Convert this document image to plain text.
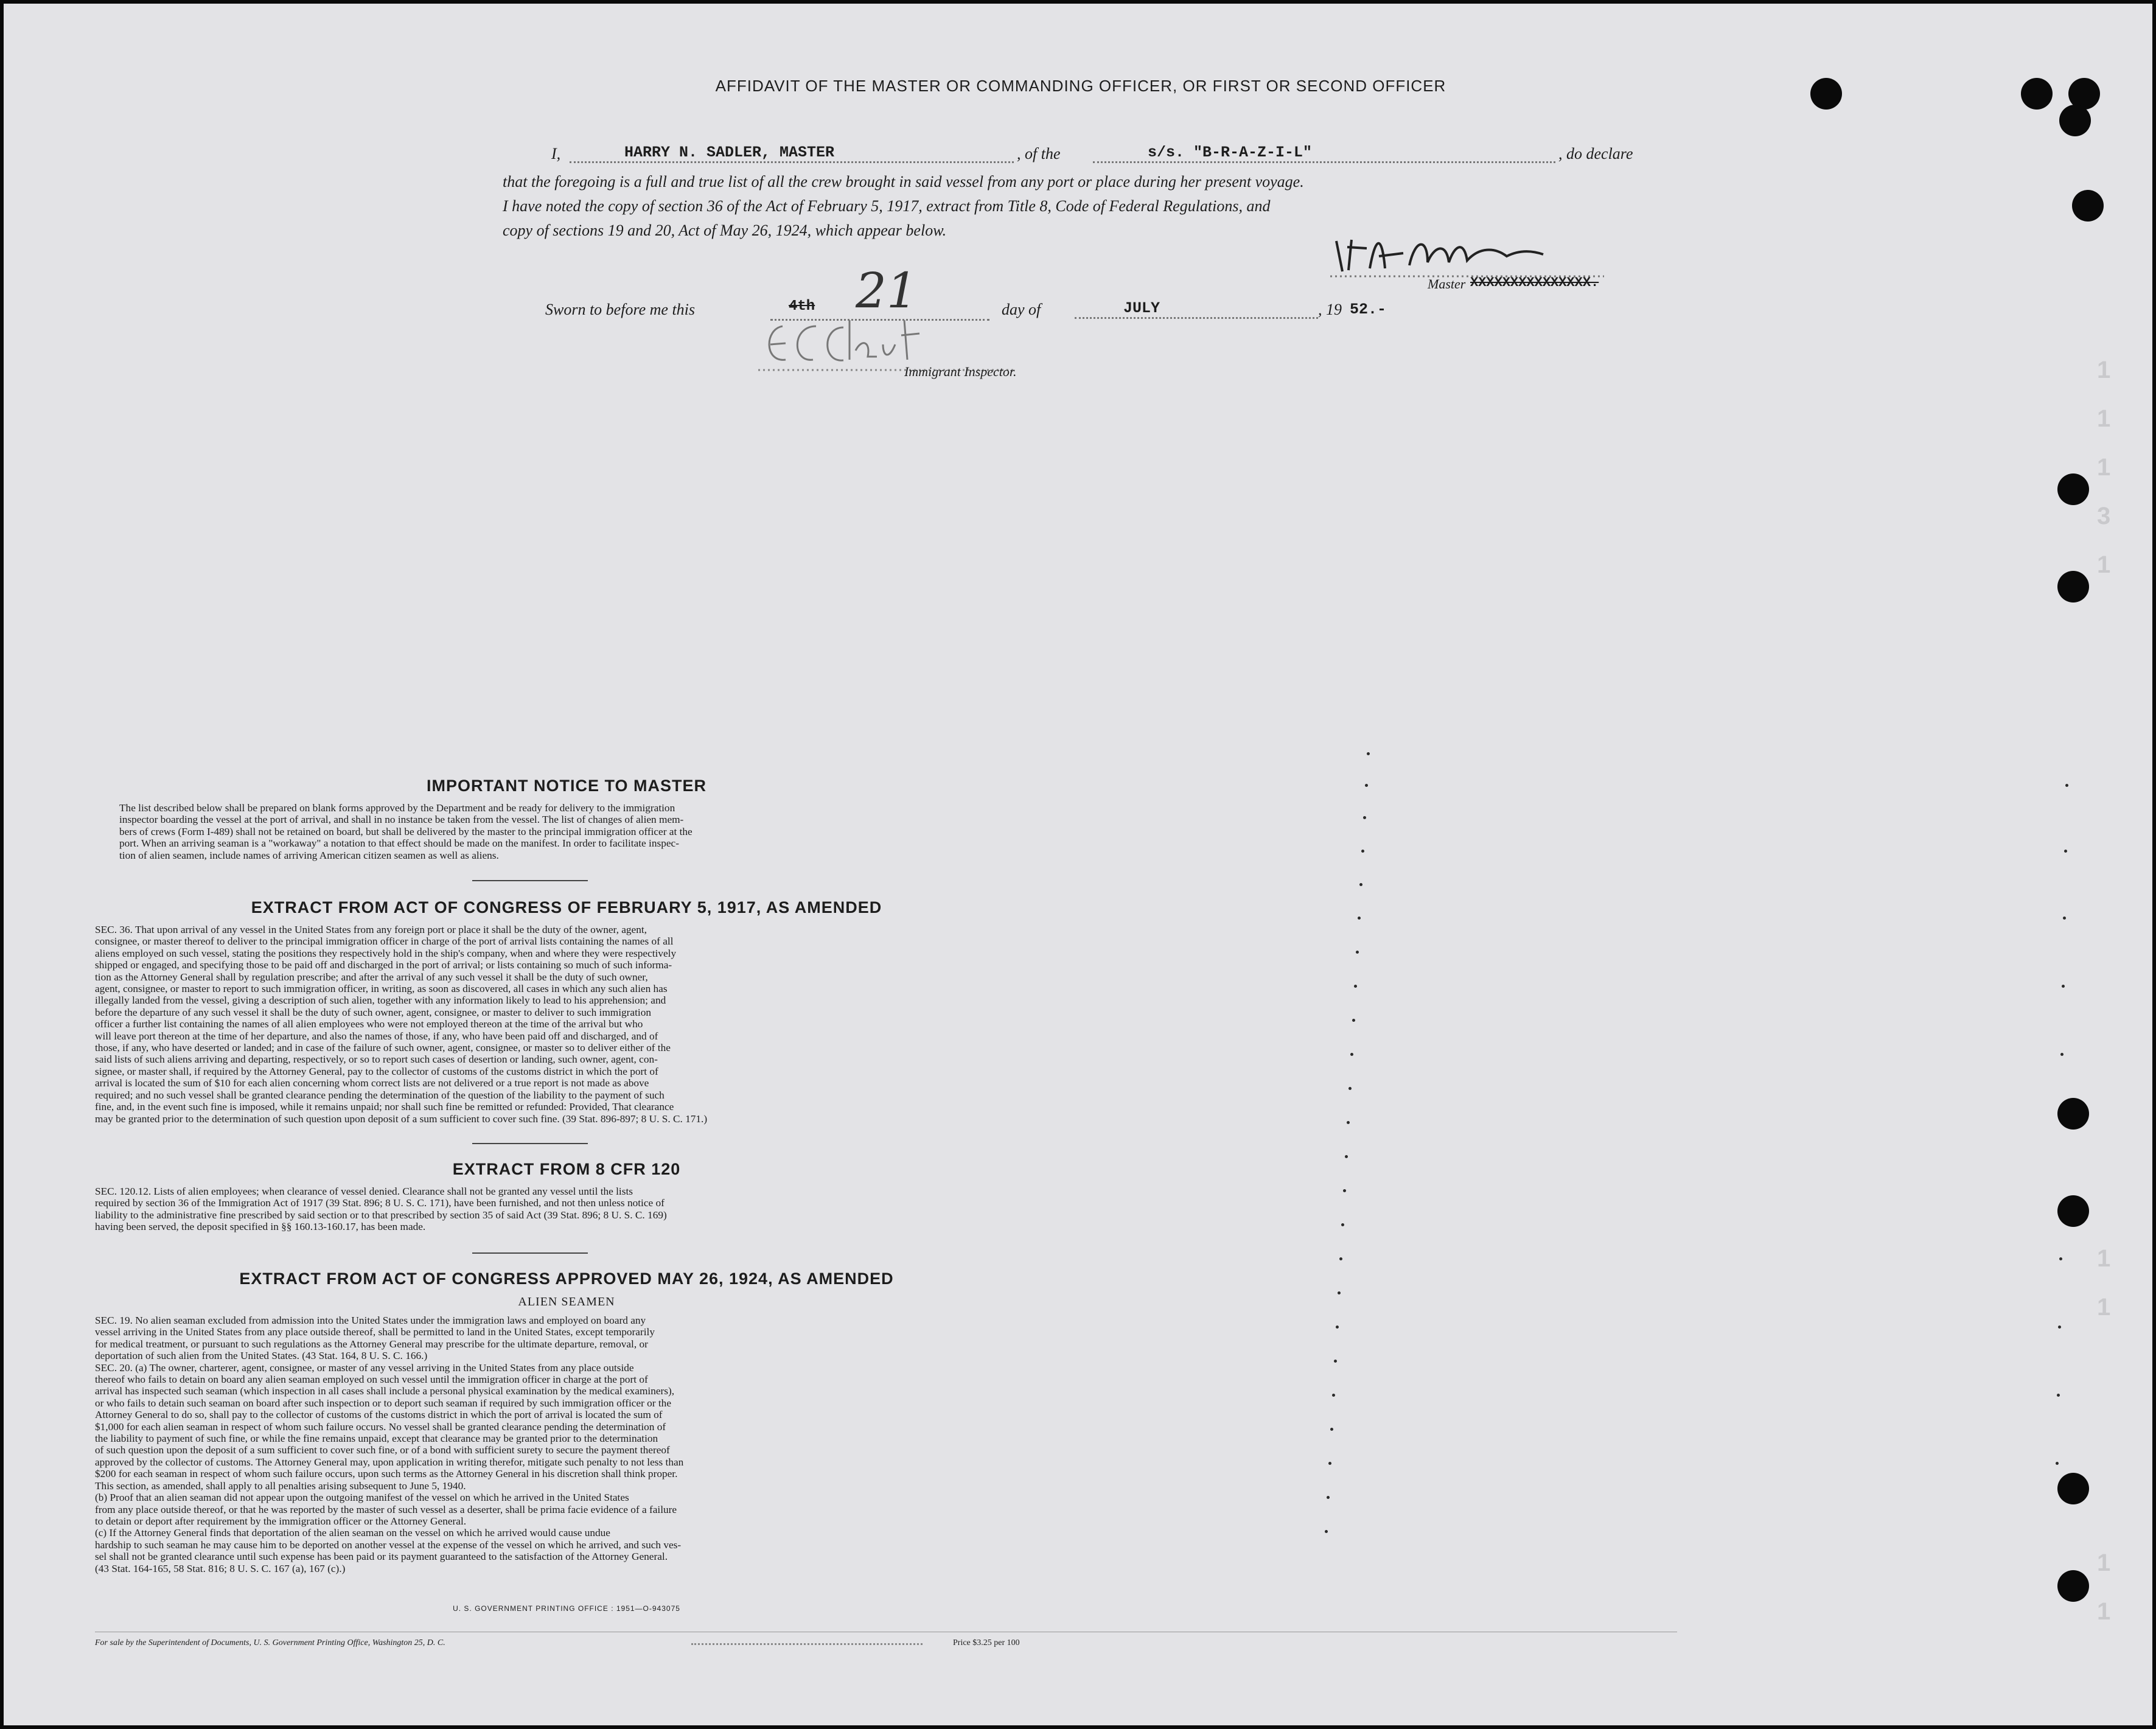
AFFIDAVIT OF THE MASTER OR COMMANDING OFFICER, OR FIRST OR SECOND OFFICER
I,	HARRY N. SADLER, MASTER	, of the	s/s. "B-R-A-Z-I-L"	, do declare
that the foregoing is a full and true list of all the crew brought in said vessel from any port or place during her present voyage.
I have noted the copy of section 36 of the Act of February 5, 1917, extract from Title 8, Code of Federal Regulations, and
copy of sections 19 and 20, Act of May 26, 1924, which appear below.
Master XXXXXXXXXXXXXXX.
Sworn to before me this	4th 21	day of	JULY	, 19 52.-
Immigrant Inspector.
IMPORTANT NOTICE TO MASTER
The list described below shall be prepared on blank forms approved by the Department and be ready for delivery to the immigration
inspector boarding the vessel at the port of arrival, and shall in no instance be taken from the vessel. The list of changes of alien mem-
bers of crews (Form I-489) shall not be retained on board, but shall be delivered by the master to the principal immigration officer at the
port. When an arriving seaman is a "workaway" a notation to that effect should be made on the manifest. In order to facilitate inspec-
tion of alien seamen, include names of arriving American citizen seamen as well as aliens.
EXTRACT FROM ACT OF CONGRESS OF FEBRUARY 5, 1917, AS AMENDED
SEC. 36. That upon arrival of any vessel in the United States from any foreign port or place it shall be the duty of the owner, agent,
consignee, or master thereof to deliver to the principal immigration officer in charge of the port of arrival lists containing the names of all
aliens employed on such vessel, stating the positions they respectively hold in the ship's company, when and where they were respectively
shipped or engaged, and specifying those to be paid off and discharged in the port of arrival; or lists containing so much of such informa-
tion as the Attorney General shall by regulation prescribe; and after the arrival of any such vessel it shall be the duty of such owner,
agent, consignee, or master to report to such immigration officer, in writing, as soon as discovered, all cases in which any such alien has
illegally landed from the vessel, giving a description of such alien, together with any information likely to lead to his apprehension; and
before the departure of any such vessel it shall be the duty of such owner, agent, consignee, or master to deliver to such immigration
officer a further list containing the names of all alien employees who were not employed thereon at the time of the arrival but who
will leave port thereon at the time of her departure, and also the names of those, if any, who have been paid off and discharged, and of
those, if any, who have deserted or landed; and in case of the failure of such owner, agent, consignee, or master so to deliver either of the
said lists of such aliens arriving and departing, respectively, or so to report such cases of desertion or landing, such owner, agent, con-
signee, or master shall, if required by the Attorney General, pay to the collector of customs of the customs district in which the port of
arrival is located the sum of $10 for each alien concerning whom correct lists are not delivered or a true report is not made as above
required; and no such vessel shall be granted clearance pending the determination of the question of the liability to the payment of such
fine, and, in the event such fine is imposed, while it remains unpaid; nor shall such fine be remitted or refunded: Provided, That clearance
may be granted prior to the determination of such question upon deposit of a sum sufficient to cover such fine. (39 Stat. 896-897; 8 U. S. C. 171.)
EXTRACT FROM 8 CFR 120
SEC. 120.12. Lists of alien employees; when clearance of vessel denied. Clearance shall not be granted any vessel until the lists
required by section 36 of the Immigration Act of 1917 (39 Stat. 896; 8 U. S. C. 171), have been furnished, and not then unless notice of
liability to the administrative fine prescribed by said section or to that prescribed by section 35 of said Act (39 Stat. 896; 8 U. S. C. 169)
having been served, the deposit specified in §§ 160.13-160.17, has been made.
EXTRACT FROM ACT OF CONGRESS APPROVED MAY 26, 1924, AS AMENDED
ALIEN SEAMEN
SEC. 19. No alien seaman excluded from admission into the United States under the immigration laws and employed on board any
vessel arriving in the United States from any place outside thereof, shall be permitted to land in the United States, except temporarily
for medical treatment, or pursuant to such regulations as the Attorney General may prescribe for the ultimate departure, removal, or
deportation of such alien from the United States. (43 Stat. 164, 8 U. S. C. 166.)
SEC. 20. (a) The owner, charterer, agent, consignee, or master of any vessel arriving in the United States from any place outside
thereof who fails to detain on board any alien seaman employed on such vessel until the immigration officer in charge at the port of
arrival has inspected such seaman (which inspection in all cases shall include a personal physical examination by the medical examiners),
or who fails to detain such seaman on board after such inspection or to deport such seaman if required by such immigration officer or the
Attorney General to do so, shall pay to the collector of customs of the customs district in which the port of arrival is located the sum of
$1,000 for each alien seaman in respect of whom such failure occurs. No vessel shall be granted clearance pending the determination of
the liability to payment of such fine, or while the fine remains unpaid, except that clearance may be granted prior to the determination
of such question upon the deposit of a sum sufficient to cover such fine, or of a bond with sufficient surety to secure the payment thereof
approved by the collector of customs. The Attorney General may, upon application in writing therefor, mitigate such penalty to not less than
$200 for each seaman in respect of whom such failure occurs, upon such terms as the Attorney General in his discretion shall think proper.
This section, as amended, shall apply to all penalties arising subsequent to June 5, 1940.
(b) Proof that an alien seaman did not appear upon the outgoing manifest of the vessel on which he arrived in the United States
from any place outside thereof, or that he was reported by the master of such vessel as a deserter, shall be prima facie evidence of a failure
to detain or deport after requirement by the immigration officer or the Attorney General.
(c) If the Attorney General finds that deportation of the alien seaman on the vessel on which he arrived would cause undue
hardship to such seaman he may cause him to be deported on another vessel at the expense of the vessel on which he arrived, and such ves-
sel shall not be granted clearance until such expense has been paid or its payment guaranteed to the satisfaction of the Attorney General.
(43 Stat. 164-165, 58 Stat. 816; 8 U. S. C. 167 (a), 167 (c).)
U. S. GOVERNMENT PRINTING OFFICE : 1951—O-943075
For sale by the Superintendent of Documents, U. S. Government Printing Office, Washington 25, D. C.	Price $3.25 per 100
1
1
1
3
1
1
1
1
1
